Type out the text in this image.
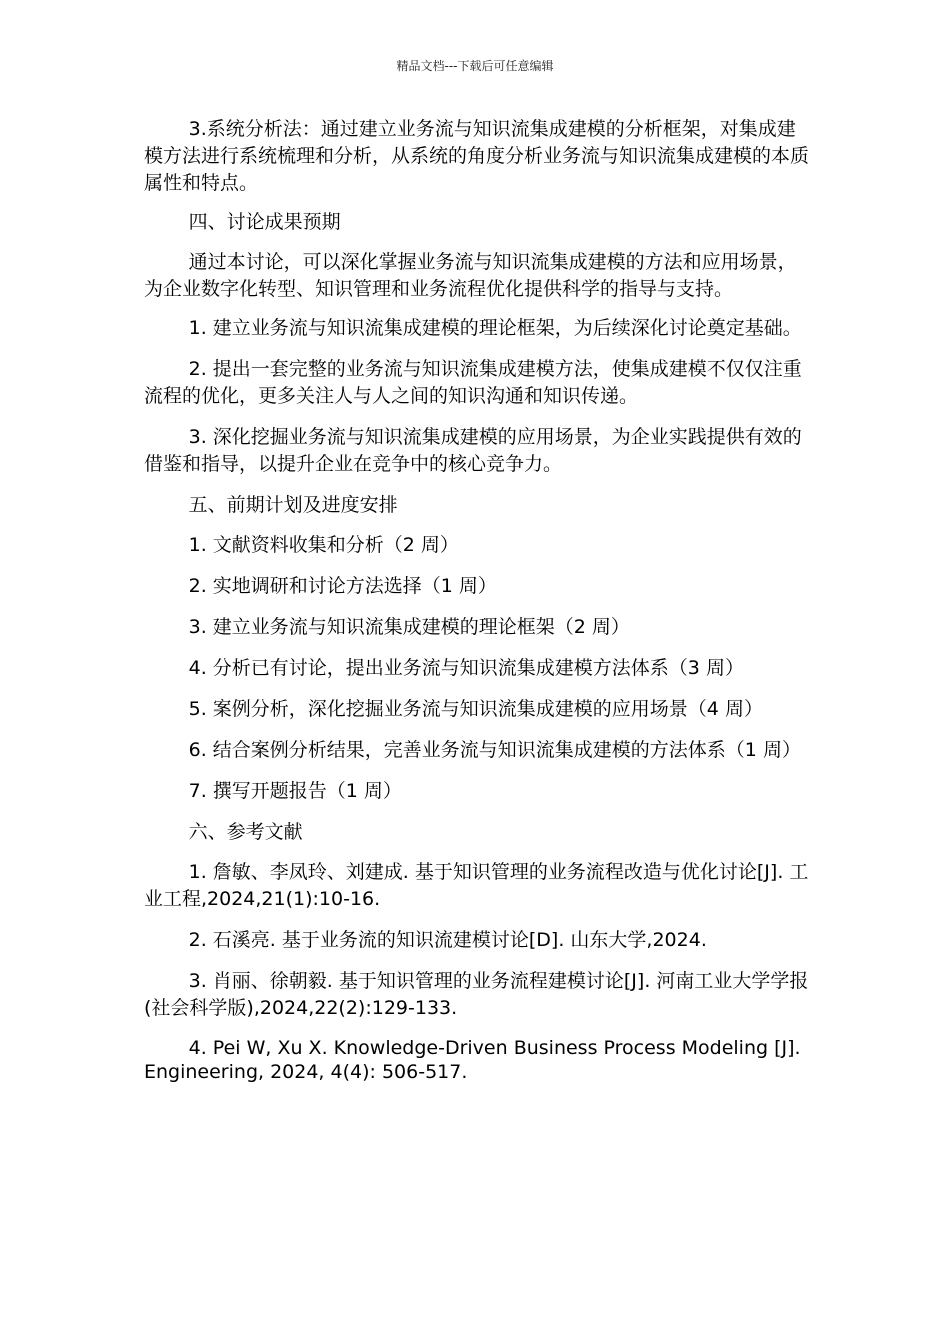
精品文档---下载后可任意编辑

3.系统分析法：通过建立业务流与知识流集成建模的分析框架，对集成建模方法进行系统梳理和分析，从系统的角度分析业务流与知识流集成建模的本质属性和特点。

四、讨论成果预期

通过本讨论，可以深化掌握业务流与知识流集成建模的方法和应用场景，为企业数字化转型、知识管理和业务流程优化提供科学的指导与支持。

1. 建立业务流与知识流集成建模的理论框架，为后续深化讨论奠定基础。

2. 提出一套完整的业务流与知识流集成建模方法，使集成建模不仅仅注重流程的优化，更多关注人与人之间的知识沟通和知识传递。

3. 深化挖掘业务流与知识流集成建模的应用场景，为企业实践提供有效的借鉴和指导，以提升企业在竞争中的核心竞争力。

五、前期计划及进度安排

1. 文献资料收集和分析（2 周）

2. 实地调研和讨论方法选择（1 周）

3. 建立业务流与知识流集成建模的理论框架（2 周）

4. 分析已有讨论，提出业务流与知识流集成建模方法体系（3 周）

5. 案例分析，深化挖掘业务流与知识流集成建模的应用场景（4 周）

6. 结合案例分析结果，完善业务流与知识流集成建模的方法体系（1 周）

7. 撰写开题报告（1 周）

六、参考文献

1. 詹敏、李凤玲、刘建成. 基于知识管理的业务流程改造与优化讨论[J]. 工业工程,2024,21(1):10-16.

2. 石溪亮. 基于业务流的知识流建模讨论[D]. 山东大学,2024.

3. 肖丽、徐朝毅. 基于知识管理的业务流程建模讨论[J]. 河南工业大学学报(社会科学版),2024,22(2):129-133.

4. Pei W, Xu X. Knowledge-Driven Business Process Modeling [J]. Engineering, 2024, 4(4): 506-517.
